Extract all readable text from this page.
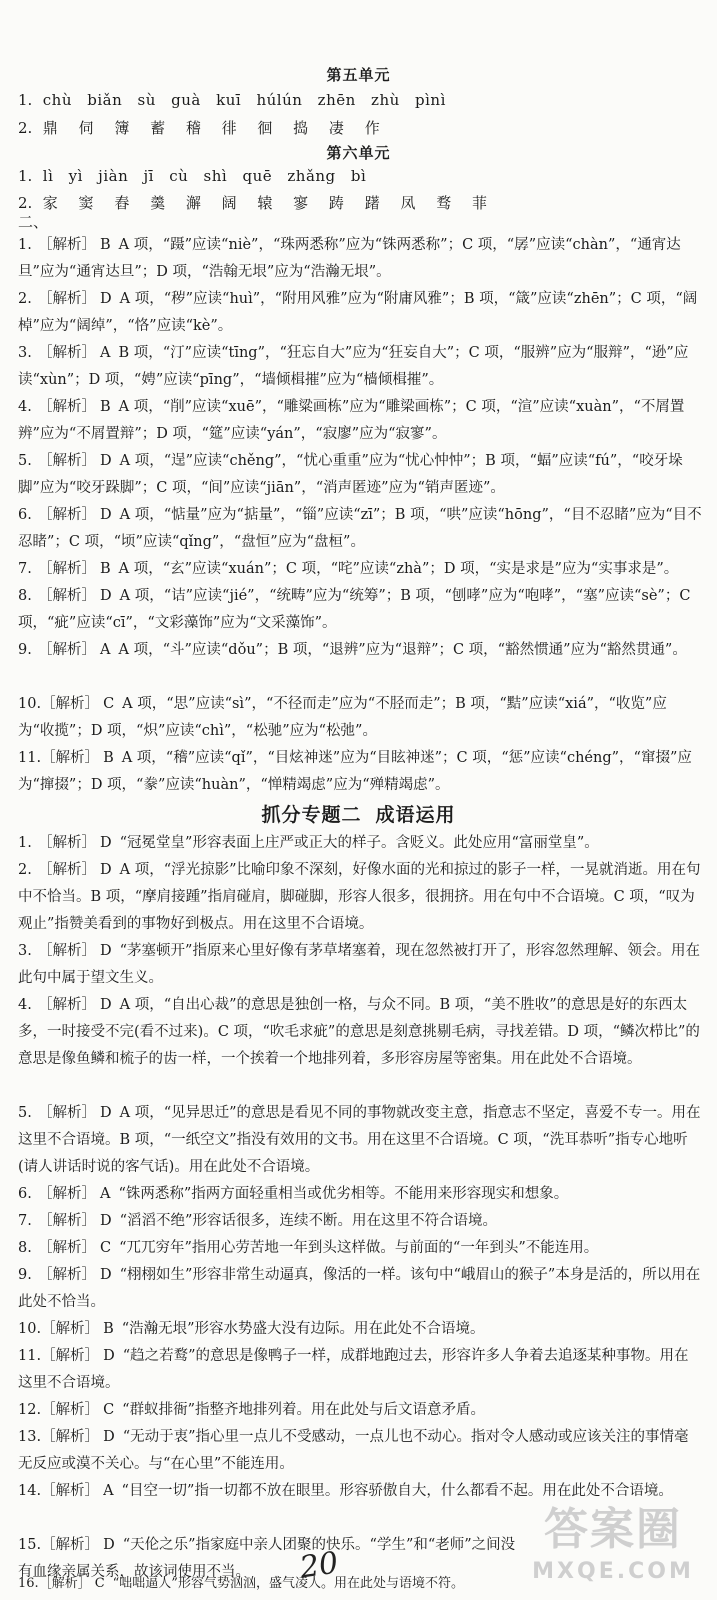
第五单元
1. chù biǎn sù guà kuī húlún zhēn zhù pìnì
2. 鼎 伺 簿 蓄 稽 徘 徊 捣 凄 作
第六单元
1. lì yì jiàn jī cù shì quē zhǎng bì
2. 家 窦 舂 羹 澥 阔 辕 寥 踌 躇 凤 骛 菲
二、
1. ［解析］ B A 项，“蹑”应读“niè”，“珠两悉称”应为“铢两悉称”；C 项，“孱”应读“chàn”，“通宵达旦”应为“通宵达旦”；D 项，“浩翰无垠”应为“浩瀚无垠”。
2. ［解析］ D A 项，“秽”应读“huì”，“附用风雅”应为“附庸风雅”；B 项，“箴”应读“zhēn”；C 项，“阔棹”应为“阔绰”，“恪”应读“kè”。
3. ［解析］ A B 项，“汀”应读“tīng”，“狂忘自大”应为“狂妄自大”；C 项，“服辨”应为“服辩”，“逊”应读“xùn”；D 项，“娉”应读“pīng”，“墙倾楫摧”应为“樯倾楫摧”。
4. ［解析］ B A 项，“削”应读“xuē”，“雕粱画栋”应为“雕梁画栋”；C 项，“渲”应读“xuàn”，“不屑置辨”应为“不屑置辩”；D 项，“筵”应读“yán”，“寂廖”应为“寂寥”。
5. ［解析］ D A 项，“逞”应读“chěng”，“忧心重重”应为“忧心忡忡”；B 项，“蝠”应读“fú”，“咬牙垛脚”应为“咬牙跺脚”；C 项，“间”应读“jiān”，“消声匿迹”应为“销声匿迹”。
6. ［解析］ D A 项，“惦量”应为“掂量”，“锱”应读“zī”；B 项，“哄”应读“hōng”，“目不忍睹”应为“目不忍睹”；C 项，“顷”应读“qǐng”，“盘恒”应为“盘桓”。
7. ［解析］ B A 项，“玄”应读“xuán”；C 项，“咤”应读“zhà”；D 项，“实是求是”应为“实事求是”。
8. ［解析］ D A 项，“诘”应读“jié”，“统畴”应为“统筹”；B 项，“刨哮”应为“咆哮”，“塞”应读“sè”；C 项，“疵”应读“cī”，“文彩藻饰”应为“文采藻饰”。
9. ［解析］ A A 项，“斗”应读“dǒu”；B 项，“退辨”应为“退辩”；C 项，“豁然惯通”应为“豁然贯通”。
10.［解析］ C A 项，“思”应读“sì”，“不径而走”应为“不胫而走”；B 项，“黠”应读“xiá”，“收览”应为“收揽”；D 项，“炽”应读“chì”，“松驰”应为“松弛”。
11.［解析］ B A 项，“稽”应读“qǐ”，“目炫神迷”应为“目眩神迷”；C 项，“惩”应读“chéng”，“窜掇”应为“撺掇”；D 项，“豢”应读“huàn”，“惮精竭虑”应为“殚精竭虑”。
抓分专题二 成语运用
1. ［解析］ D “冠冕堂皇”形容表面上庄严或正大的样子。含贬义。此处应用“富丽堂皇”。
2. ［解析］ D A 项，“浮光掠影”比喻印象不深刻，好像水面的光和掠过的影子一样，一晃就消逝。用在句中不恰当。B 项，“摩肩接踵”指肩碰肩，脚碰脚，形容人很多，很拥挤。用在句中不合语境。C 项，“叹为观止”指赞美看到的事物好到极点。用在这里不合语境。
3. ［解析］ D “茅塞顿开”指原来心里好像有茅草堵塞着，现在忽然被打开了，形容忽然理解、领会。用在此句中属于望文生义。
4. ［解析］ D A 项，“自出心裁”的意思是独创一格，与众不同。B 项，“美不胜收”的意思是好的东西太多，一时接受不完(看不过来)。C 项，“吹毛求疵”的意思是刻意挑剔毛病，寻找差错。D 项，“鳞次栉比”的意思是像鱼鳞和梳子的齿一样，一个挨着一个地排列着，多形容房屋等密集。用在此处不合语境。
5. ［解析］ D A 项，“见异思迁”的意思是看见不同的事物就改变主意，指意志不坚定，喜爱不专一。用在这里不合语境。B 项，“一纸空文”指没有效用的文书。用在这里不合语境。C 项，“洗耳恭听”指专心地听(请人讲话时说的客气话)。用在此处不合语境。
6. ［解析］ A “铢两悉称”指两方面轻重相当或优劣相等。不能用来形容现实和想象。
7. ［解析］ D “滔滔不绝”形容话很多，连续不断。用在这里不符合语境。
8. ［解析］ C “兀兀穷年”指用心劳苦地一年到头这样做。与前面的“一年到头”不能连用。
9. ［解析］ D “栩栩如生”形容非常生动逼真，像活的一样。该句中“峨眉山的猴子”本身是活的，所以用在此处不恰当。
10.［解析］ B “浩瀚无垠”形容水势盛大没有边际。用在此处不合语境。
11.［解析］ D “趋之若鹜”的意思是像鸭子一样，成群地跑过去，形容许多人争着去追逐某种事物。用在这里不合语境。
12.［解析］ C “群蚁排衙”指整齐地排列着。用在此处与后文语意矛盾。
13.［解析］ D “无动于衷”指心里一点儿不受感动，一点儿也不动心。指对令人感动或应该关注的事情毫无反应或漠不关心。与“在心里”不能连用。
14.［解析］ A “目空一切”指一切都不放在眼里。形容骄傲自大，什么都看不起。用在此处不合语境。
15.［解析］ D “天伦之乐”指家庭中亲人团聚的快乐。“学生”和“老师”之间没有血缘亲属关系，故该词使用不当。
答案圈
MXQE.COM
20
16.［解析］ C “咄咄逼人”形容气势汹汹，盛气凌人。用在此处与语境不符。
